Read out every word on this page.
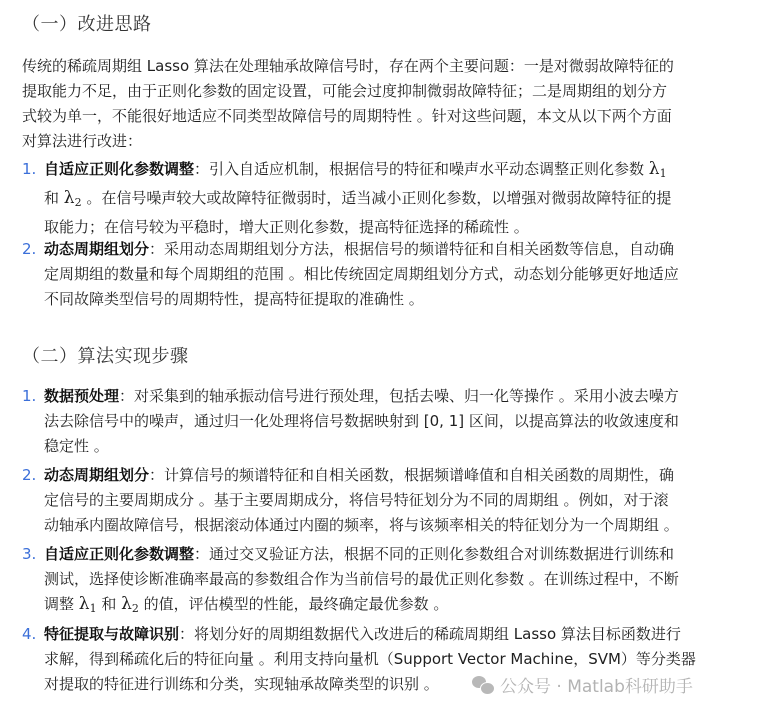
（一）改进思路
传统的稀疏周期组 Lasso 算法在处理轴承故障信号时，存在两个主要问题：一是对微弱故障特征的
提取能力不足，由于正则化参数的固定设置，可能会过度抑制微弱故障特征；二是周期组的划分方
式较为单一，不能很好地适应不同类型故障信号的周期特性 。针对这些问题，本文从以下两个方面
对算法进行改进：
1. 自适应正则化参数调整：引入自适应机制，根据信号的特征和噪声水平动态调整正则化参数 $\lambda_1$
和 $\lambda_2$ 。在信号噪声较大或故障特征微弱时，适当减小正则化参数，以增强对微弱故障特征的提
取能力；在信号较为平稳时，增大正则化参数，提高特征选择的稀疏性 。
2. 动态周期组划分：采用动态周期组划分方法，根据信号的频谱特征和自相关函数等信息，自动确
定周期组的数量和每个周期组的范围 。相比传统固定周期组划分方式，动态划分能够更好地适应
不同故障类型信号的周期特性，提高特征提取的准确性 。
（二）算法实现步骤
1. 数据预处理：对采集到的轴承振动信号进行预处理，包括去噪、归一化等操作 。采用小波去噪方
法去除信号中的噪声，通过归一化处理将信号数据映射到 [0, 1] 区间，以提高算法的收敛速度和
稳定性 。
2. 动态周期组划分：计算信号的频谱特征和自相关函数，根据频谱峰值和自相关函数的周期性，确
定信号的主要周期成分 。基于主要周期成分，将信号特征划分为不同的周期组 。例如，对于滚
动轴承内圈故障信号，根据滚动体通过内圈的频率，将与该频率相关的特征划分为一个周期组 。
3. 自适应正则化参数调整：通过交叉验证方法，根据不同的正则化参数组合对训练数据进行训练和
测试，选择使诊断准确率最高的参数组合作为当前信号的最优正则化参数 。在训练过程中，不断
调整 $\lambda_1$ 和 $\lambda_2$ 的值，评估模型的性能，最终确定最优参数 。
4. 特征提取与故障识别：将划分好的周期组数据代入改进后的稀疏周期组 Lasso 算法目标函数进行
求解，得到稀疏化后的特征向量 。利用支持向量机（Support Vector Machine，SVM）等分类器
对提取的特征进行训练和分类，实现轴承故障类型的识别 。	公众号 · Matlab科研助手
